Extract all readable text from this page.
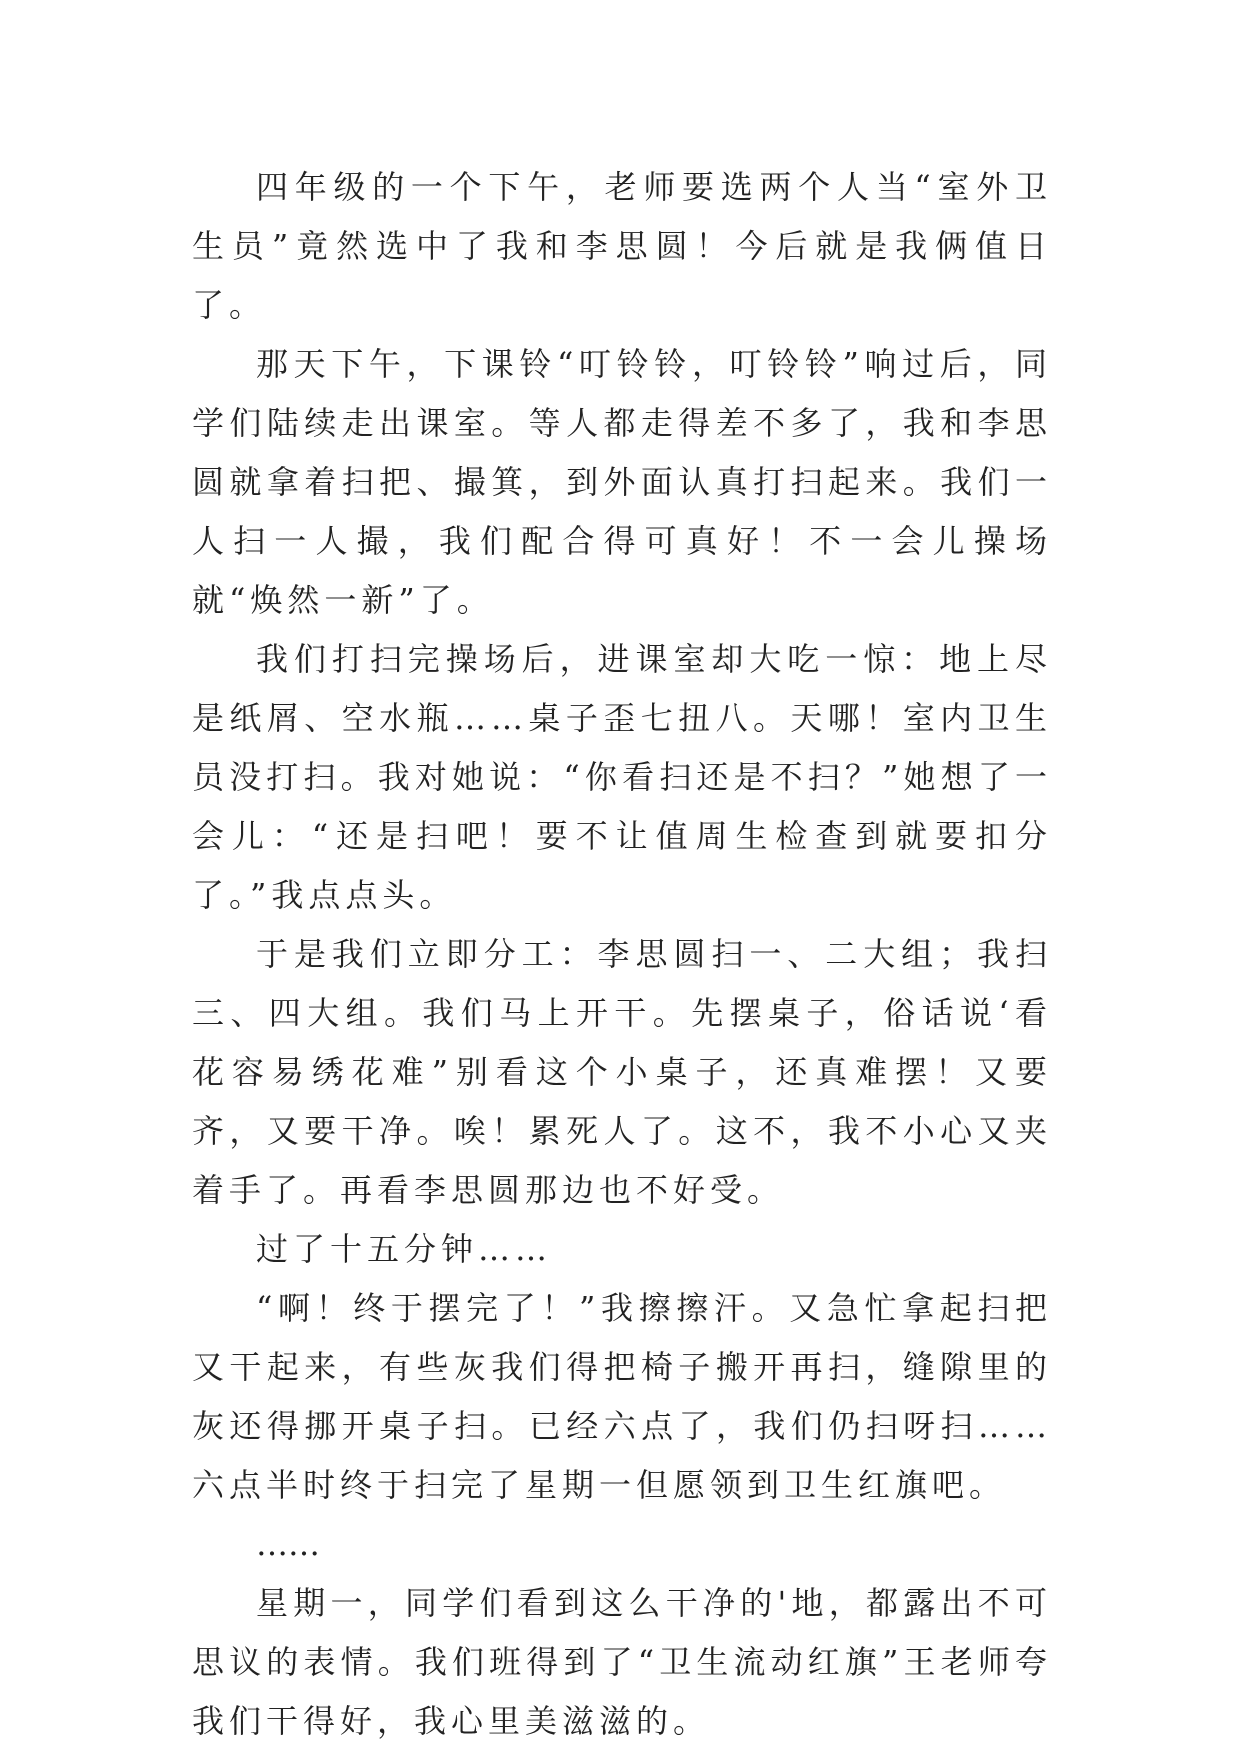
四年级的一个下午，老师要选两个人当“室外卫生员”竟然选中了我和李思圆！今后就是我俩值日了。

那天下午，下课铃“叮铃铃，叮铃铃”响过后，同学们陆续走出课室。等人都走得差不多了，我和李思圆就拿着扫把、撮箕，到外面认真打扫起来。我们一人扫一人撮，我们配合得可真好！不一会儿操场就“焕然一新”了。

我们打扫完操场后，进课室却大吃一惊：地上尽是纸屑、空水瓶……桌子歪七扭八。天哪！室内卫生员没打扫。我对她说：“你看扫还是不扫？”她想了一会儿：“还是扫吧！要不让值周生检查到就要扣分了。”我点点头。

于是我们立即分工：李思圆扫一、二大组；我扫三、四大组。我们马上开干。先摆桌子，俗话说‘看花容易绣花难”别看这个小桌子，还真难摆！又要齐，又要干净。唉！累死人了。这不，我不小心又夹着手了。再看李思圆那边也不好受。

过了十五分钟……

“啊！终于摆完了！”我擦擦汗。又急忙拿起扫把又干起来，有些灰我们得把椅子搬开再扫，缝隙里的灰还得挪开桌子扫。已经六点了，我们仍扫呀扫……六点半时终于扫完了星期一但愿领到卫生红旗吧。

……

星期一，同学们看到这么干净的'地，都露出不可思议的表情。我们班得到了“卫生流动红旗”王老师夸我们干得好，我心里美滋滋的。
